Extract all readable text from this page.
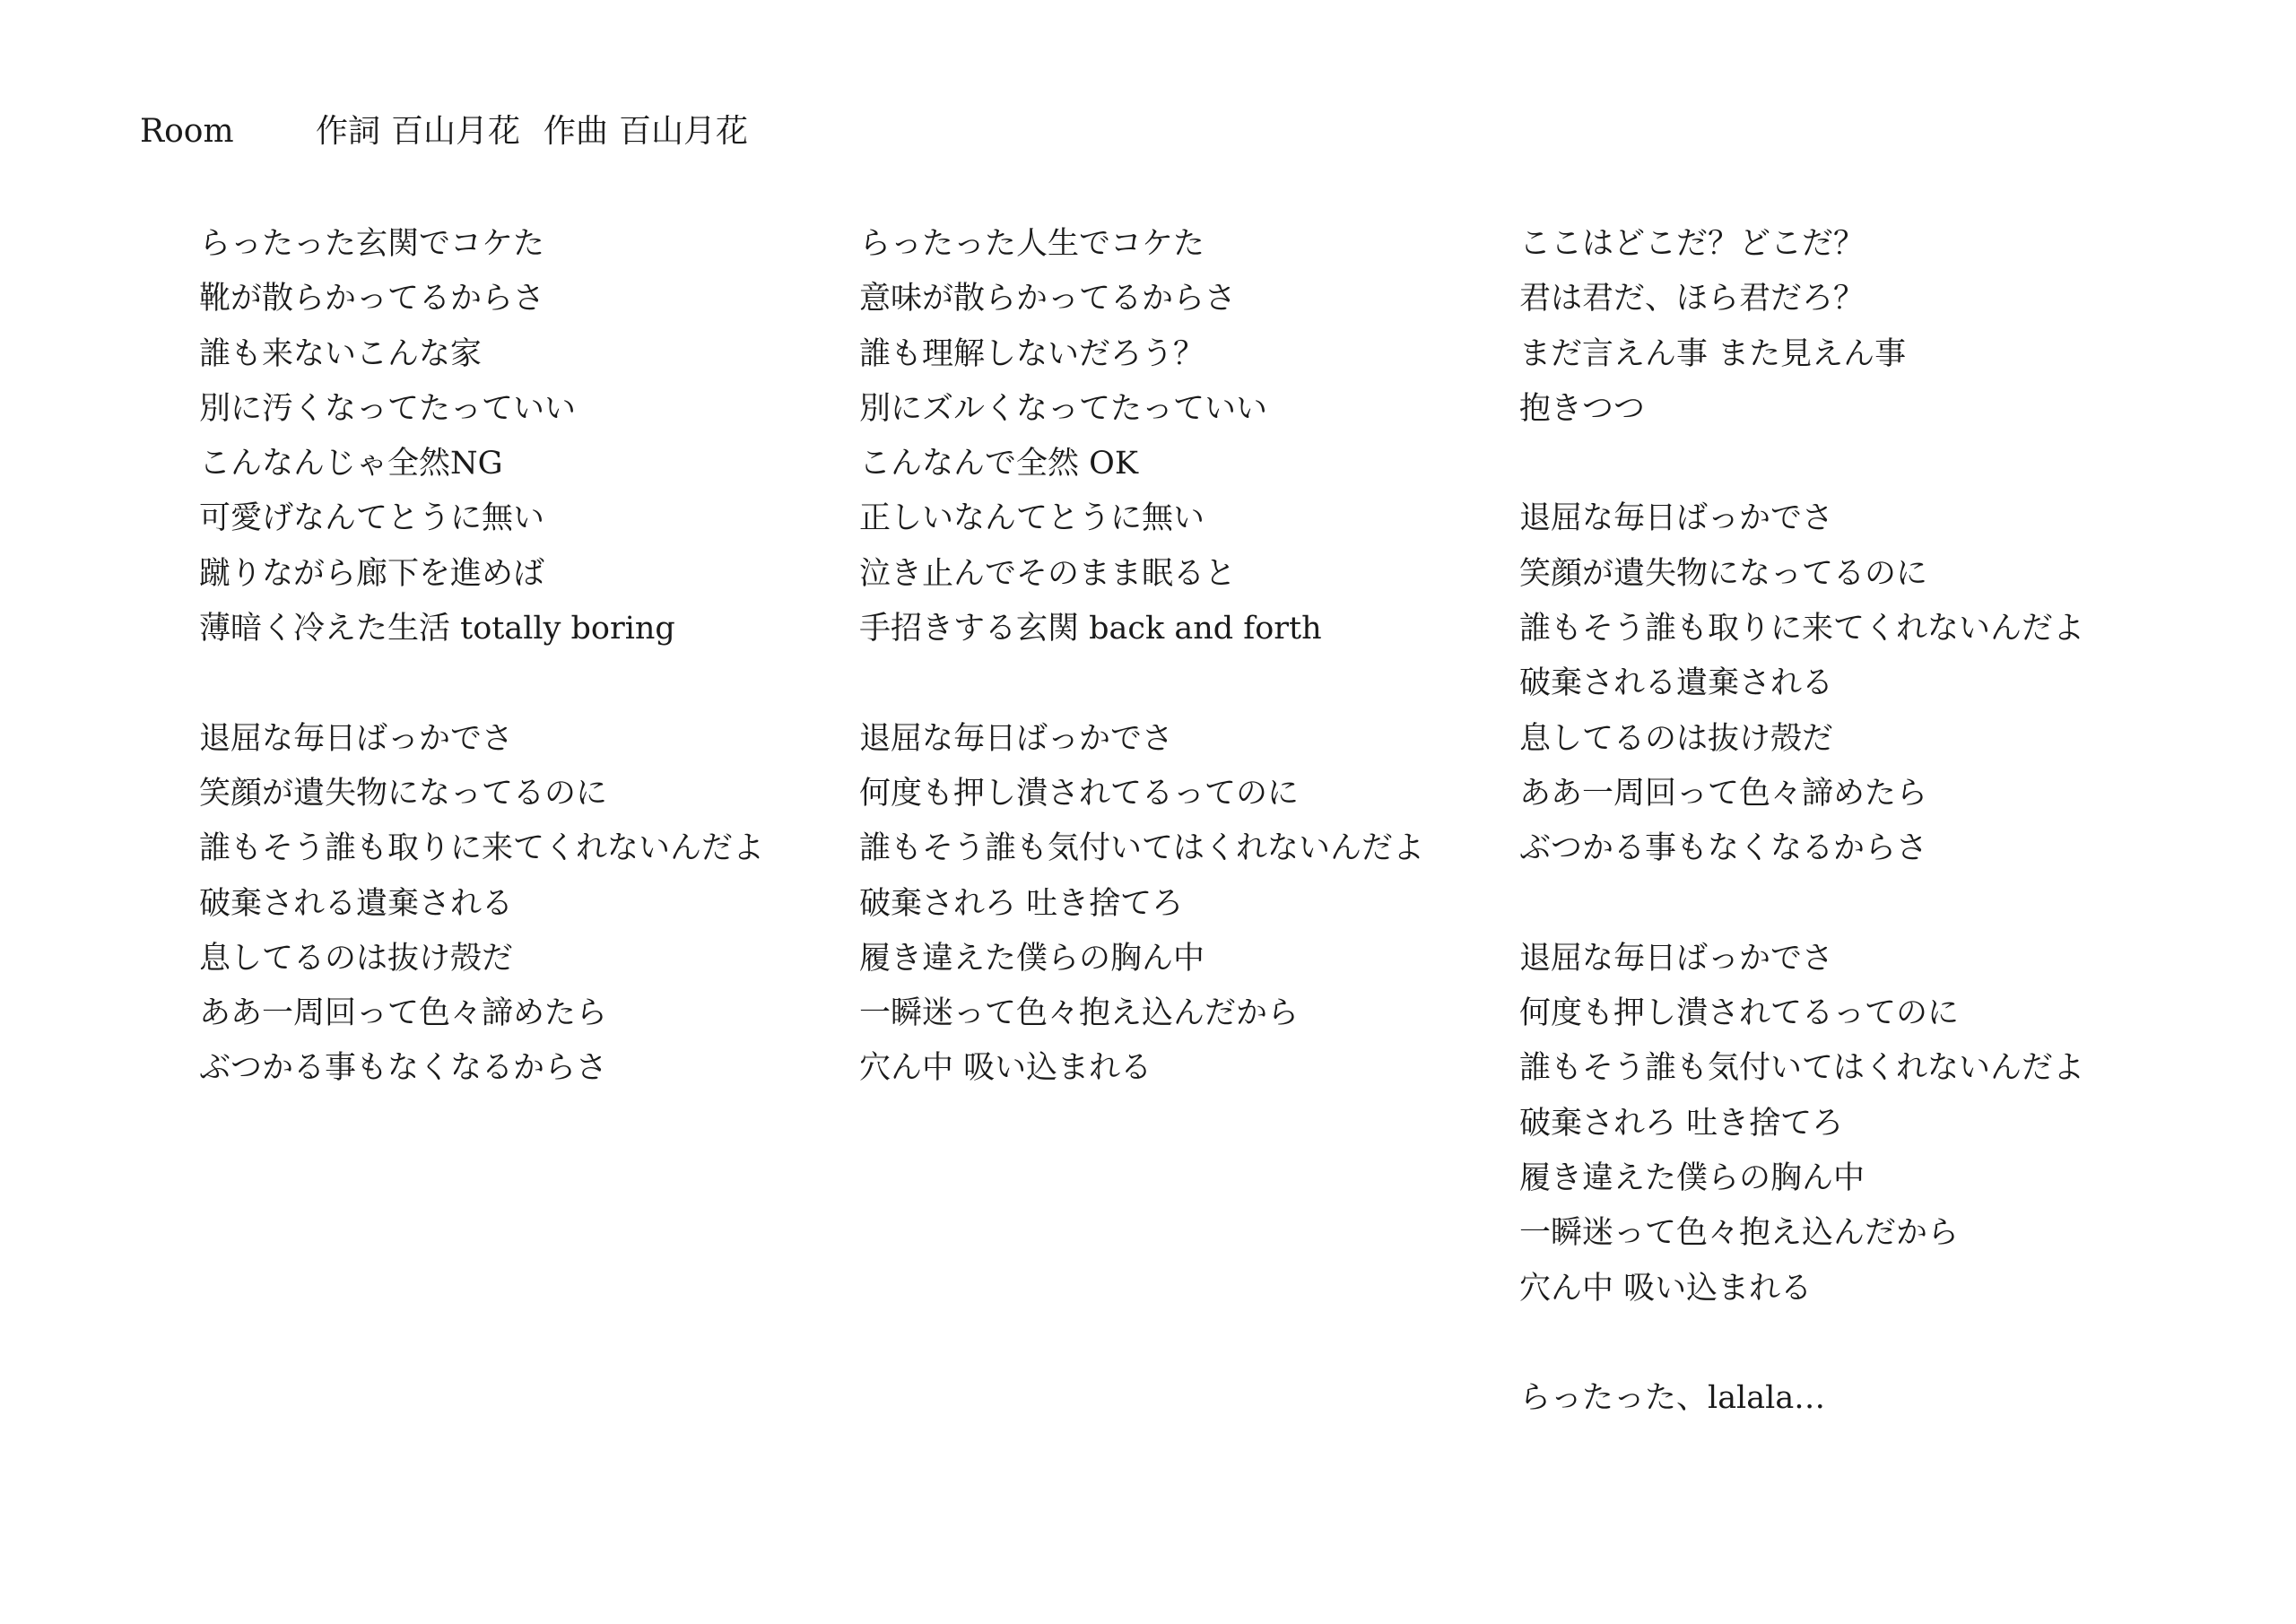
Room	作詞 百山月花 作曲 百山月花
らったった玄関でコケた
靴が散らかってるからさ
誰も来ないこんな家
別に汚くなってたっていい
こんなんじゃ全然NG
可愛げなんてとうに無い
蹴りながら廊下を進めば
薄暗く冷えた生活 totally boring
退屈な毎日ばっかでさ
笑顔が遺失物になってるのに
誰もそう誰も取りに来てくれないんだよ
破棄される遺棄される
息してるのは抜け殻だ
ああ一周回って色々諦めたら
ぶつかる事もなくなるからさ
らったった人生でコケた
意味が散らかってるからさ
誰も理解しないだろう？
別にズルくなってたっていい
こんなんで全然 OK
正しいなんてとうに無い
泣き止んでそのまま眠ると
手招きする玄関 back and forth
退屈な毎日ばっかでさ
何度も押し潰されてるってのに
誰もそう誰も気付いてはくれないんだよ
破棄されろ 吐き捨てろ
履き違えた僕らの胸ん中
一瞬迷って色々抱え込んだから
穴ん中 吸い込まれる
ここはどこだ？どこだ？
君は君だ、ほら君だろ？
まだ言えん事 また見えん事
抱きつつ
退屈な毎日ばっかでさ
笑顔が遺失物になってるのに
誰もそう誰も取りに来てくれないんだよ
破棄される遺棄される
息してるのは抜け殻だ
ああ一周回って色々諦めたら
ぶつかる事もなくなるからさ
退屈な毎日ばっかでさ
何度も押し潰されてるってのに
誰もそう誰も気付いてはくれないんだよ
破棄されろ 吐き捨てろ
履き違えた僕らの胸ん中
一瞬迷って色々抱え込んだから
穴ん中 吸い込まれる
らったった、lalala…
